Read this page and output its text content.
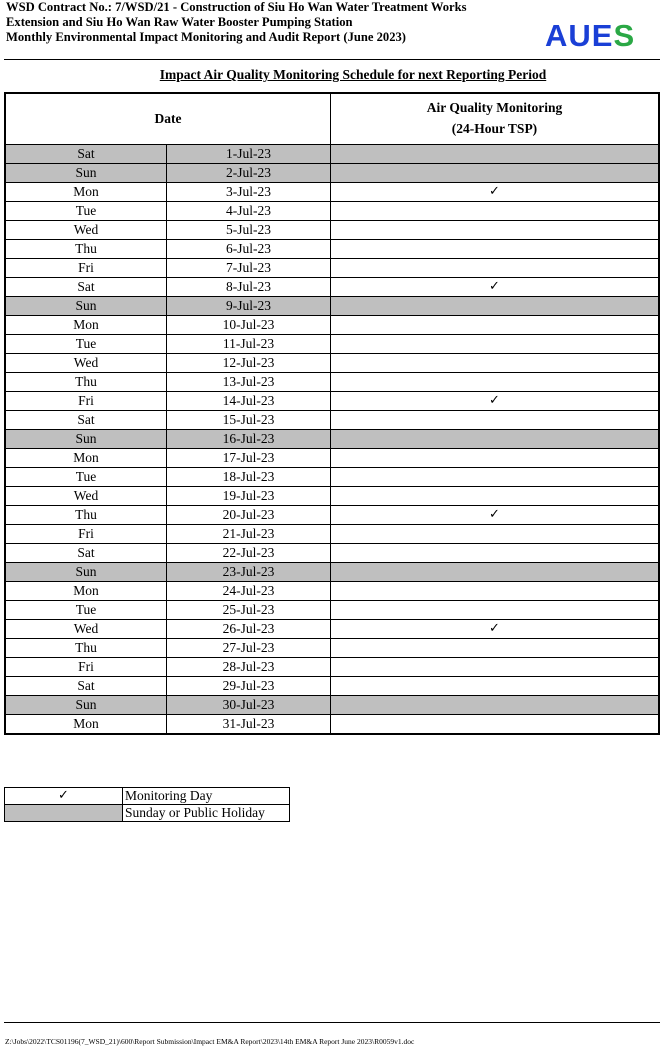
WSD Contract No.: 7/WSD/21 - Construction of Siu Ho Wan Water Treatment Works
Extension and Siu Ho Wan Raw Water Booster Pumping Station
Monthly Environmental Impact Monitoring and Audit Report (June 2023)	AUES
Impact Air Quality Monitoring Schedule for next Reporting Period
Date		Air Quality Monitoring
(24-Hour TSP)

Sat	1-Jul-23	
Sun	2-Jul-23	
Mon	3-Jul-23	✓
Tue	4-Jul-23	
Wed	5-Jul-23	
Thu	6-Jul-23	
Fri	7-Jul-23	
Sat	8-Jul-23	✓
Sun	9-Jul-23	
Mon	10-Jul-23	
Tue	11-Jul-23	
Wed	12-Jul-23	
Thu	13-Jul-23	
Fri	14-Jul-23	✓
Sat	15-Jul-23	
Sun	16-Jul-23	
Mon	17-Jul-23	
Tue	18-Jul-23	
Wed	19-Jul-23	
Thu	20-Jul-23	✓
Fri	21-Jul-23	
Sat	22-Jul-23	
Sun	23-Jul-23	
Mon	24-Jul-23	
Tue	25-Jul-23	
Wed	26-Jul-23	✓
Thu	27-Jul-23	
Fri	28-Jul-23	
Sat	29-Jul-23	
Sun	30-Jul-23	
Mon	31-Jul-23	
✓	Monitoring Day
	Sunday or Public Holiday
Z:\Jobs\2022\TCS01196(7_WSD_21)\600\Report Submission\Impact EM&A Report\2023\14th EM&A Report June 2023\R0059v1.doc
